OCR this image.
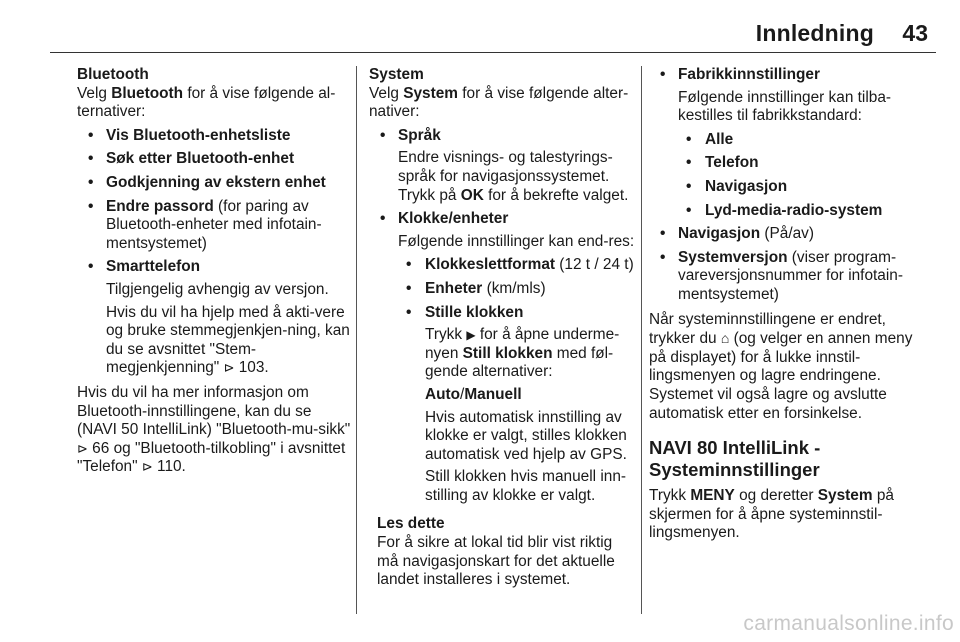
Innledning 43

Bluetooth

Velg Bluetooth for å vise følgende al-ternativer:

• Vis Bluetooth-enhetsliste
• Søk etter Bluetooth-enhet
• Godkjenning av ekstern enhet
• Endre passord (for paring av Bluetooth-enheter med infotain-mentsystemet)
• Smarttelefon

Tilgjengelig avhengig av versjon.

Hvis du vil ha hjelp med å akti-vere og bruke stemmegjenkjen-ning, kan du se avsnittet "Stem-megjenkjenning" ⊳ 103.

Hvis du vil ha mer informasjon om Bluetooth-innstillingene, kan du se (NAVI 50 IntelliLink) "Bluetooth-mu-sikk" ⊳ 66 og "Bluetooth-tilkobling" i avsnittet "Telefon" ⊳ 110.

System

Velg System for å vise følgende alter-nativer:

• Språk

Endre visnings- og talestyrings-språk for navigasjonssystemet. Trykk på OK for å bekrefte valget.

• Klokke/enheter

Følgende innstillinger kan end-res:

• Klokkeslettformat (12 t / 24 t)
• Enheter (km/mls)
• Stille klokken

Trykk ▶ for å åpne underme-nyen Still klokken med føl-gende alternativer:

Auto/Manuell

Hvis automatisk innstilling av klokke er valgt, stilles klokken automatisk ved hjelp av GPS.

Still klokken hvis manuell inn-stilling av klokke er valgt.

Les dette

For å sikre at lokal tid blir vist riktig må navigasjonskart for det aktuelle landet installeres i systemet.

• Fabrikkinnstillinger

Følgende innstillinger kan tilba-kestilles til fabrikkstandard:

• Alle
• Telefon
• Navigasjon
• Lyd-media-radio-system
• Navigasjon (På/av)
• Systemversjon (viser program-vareversjonsnummer for infotain-mentsystemet)

Når systeminnstillingene er endret, trykker du ⌂ (og velger en annen meny på displayet) for å lukke innstil-lingsmenyen og lagre endringene. Systemet vil også lagre og avslutte automatisk etter en forsinkelse.

NAVI 80 IntelliLink -
Systeminnstillinger

Trykk MENY og deretter System på skjermen for å åpne systeminnstil-lingsmenyen.

carmanualsonline.info
